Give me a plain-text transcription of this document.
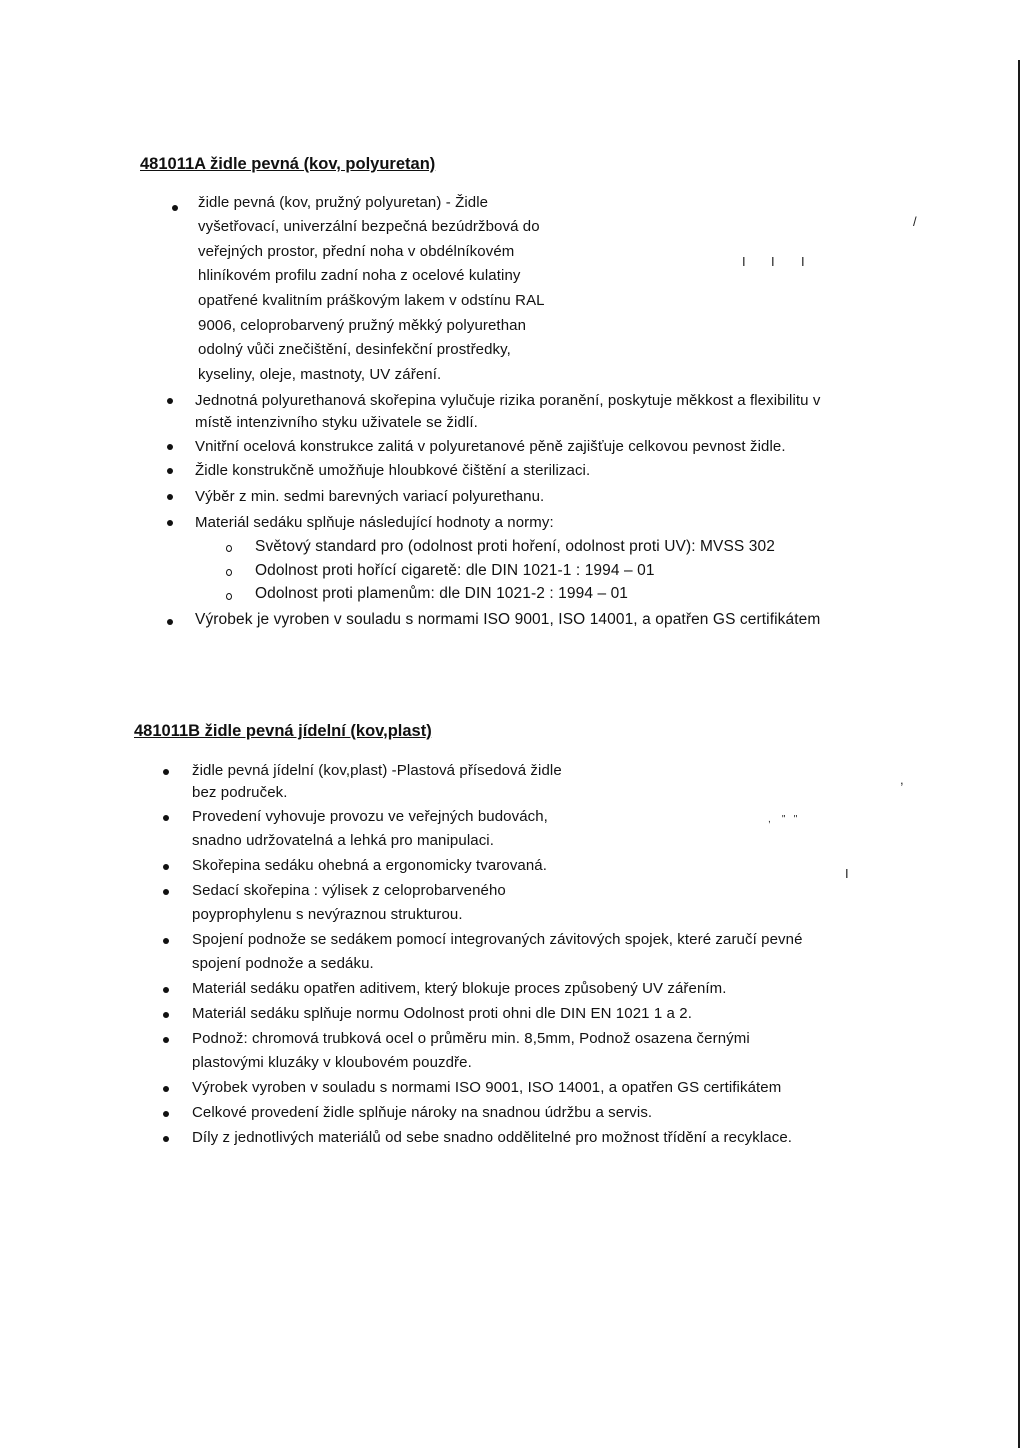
/
I I I
,
,    "   "
I
481011A židle pevná (kov, polyuretan)
židle pevná (kov, pružný polyuretan) - Židle
vyšetřovací, univerzální bezpečná bezúdržbová do
veřejných prostor, přední noha v obdélníkovém
hliníkovém profilu zadní noha z ocelové kulatiny
opatřené kvalitním práškovým lakem v odstínu RAL
9006, celoprobarvený pružný měkký polyurethan
odolný vůči znečištění, desinfekční prostředky,
kyseliny, oleje, mastnoty, UV záření.
Jednotná polyurethanová skořepina vylučuje rizika poranění, poskytuje měkkost a flexibilitu v
místě intenzivního styku uživatele se židlí.
Vnitřní ocelová konstrukce zalitá v polyuretanové pěně zajišťuje celkovou pevnost židle.
Židle konstrukčně umožňuje hloubkové čištění a sterilizaci.
Výběr z min. sedmi barevných variací polyurethanu.
Materiál sedáku splňuje následující hodnoty a normy:
Světový standard pro (odolnost proti hoření, odolnost proti UV): MVSS 302
Odolnost proti hořící cigaretě: dle DIN 1021-1 : 1994 – 01
Odolnost proti plamenům: dle DIN 1021-2 : 1994 – 01
Výrobek je vyroben v souladu s normami ISO 9001, ISO 14001, a opatřen GS certifikátem
481011B židle pevná jídelní (kov,plast)
židle pevná jídelní (kov,plast) -Plastová přísedová židle
bez područek.
Provedení vyhovuje provozu ve veřejných budovách,
snadno udržovatelná a lehká pro manipulaci.
Skořepina sedáku ohebná a ergonomicky tvarovaná.
Sedací skořepina : výlisek z celoprobarveného
poyprophylenu s nevýraznou strukturou.
Spojení podnože se sedákem pomocí integrovaných závitových spojek, které zaručí pevné
spojení podnože a sedáku.
Materiál sedáku opatřen aditivem, který blokuje proces způsobený UV zářením.
Materiál sedáku splňuje normu Odolnost proti ohni dle DIN EN 1021 1 a 2.
Podnož: chromová trubková ocel o průměru min. 8,5mm, Podnož osazena černými
plastovými kluzáky v kloubovém pouzdře.
Výrobek vyroben v souladu s normami ISO 9001, ISO 14001, a opatřen GS certifikátem
Celkové provedení židle splňuje nároky na snadnou údržbu a servis.
Díly z jednotlivých materiálů od sebe snadno oddělitelné pro možnost třídění a recyklace.
